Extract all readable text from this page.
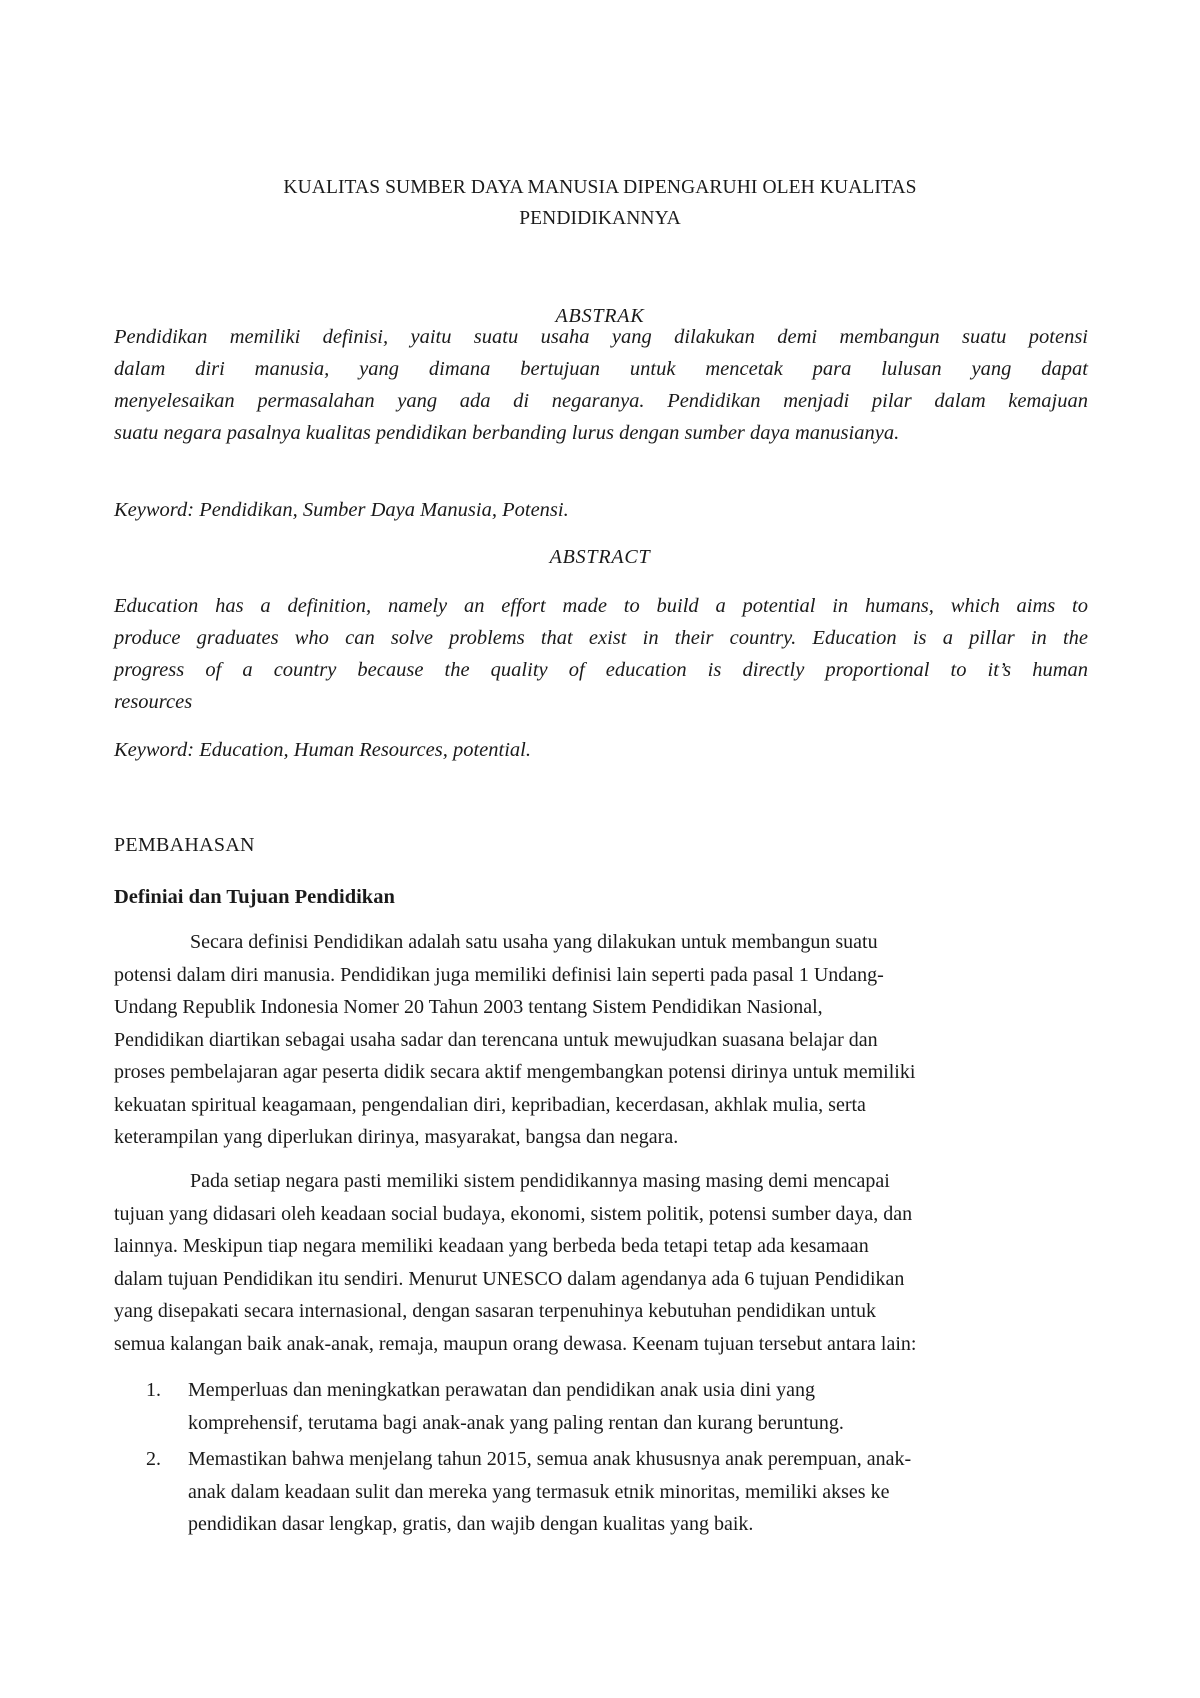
KUALITAS SUMBER DAYA MANUSIA DIPENGARUHI OLEH KUALITAS
PENDIDIKANNYA
ABSTRAK
Pendidikan memiliki definisi, yaitu suatu usaha yang dilakukan demi membangun suatu potensi
dalam diri manusia, yang dimana bertujuan untuk mencetak para lulusan yang dapat
menyelesaikan permasalahan yang ada di negaranya. Pendidikan menjadi pilar dalam kemajuan
suatu negara pasalnya kualitas pendidikan berbanding lurus dengan sumber daya manusianya.
Keyword: Pendidikan, Sumber Daya Manusia, Potensi.
ABSTRACT
Education has a definition, namely an effort made to build a potential in humans, which aims to
produce graduates who can solve problems that exist in their country. Education is a pillar in the
progress of a country because the quality of education is directly proportional to it’s human
resources
Keyword: Education, Human Resources, potential.
PEMBAHASAN
Definiai dan Tujuan Pendidikan
Secara definisi Pendidikan adalah satu usaha yang dilakukan untuk membangun suatu
potensi dalam diri manusia. Pendidikan juga memiliki definisi lain seperti pada pasal 1 Undang-
Undang Republik Indonesia Nomer 20 Tahun 2003 tentang Sistem Pendidikan Nasional,
Pendidikan diartikan sebagai usaha sadar dan terencana untuk mewujudkan suasana belajar dan
proses pembelajaran agar peserta didik secara aktif mengembangkan potensi dirinya untuk memiliki
kekuatan spiritual keagamaan, pengendalian diri, kepribadian, kecerdasan, akhlak mulia, serta
keterampilan yang diperlukan dirinya, masyarakat, bangsa dan negara.
Pada setiap negara pasti memiliki sistem pendidikannya masing masing demi mencapai
tujuan yang didasari oleh keadaan social budaya, ekonomi, sistem politik, potensi sumber daya, dan
lainnya. Meskipun tiap negara memiliki keadaan yang berbeda beda tetapi tetap ada kesamaan
dalam tujuan Pendidikan itu sendiri. Menurut UNESCO dalam agendanya ada 6 tujuan Pendidikan
yang disepakati secara internasional, dengan sasaran terpenuhinya kebutuhan pendidikan untuk
semua kalangan baik anak-anak, remaja, maupun orang dewasa. Keenam tujuan tersebut antara lain:
1. Memperluas dan meningkatkan perawatan dan pendidikan anak usia dini yang
komprehensif, terutama bagi anak-anak yang paling rentan dan kurang beruntung.
2. Memastikan bahwa menjelang tahun 2015, semua anak khususnya anak perempuan, anak-
anak dalam keadaan sulit dan mereka yang termasuk etnik minoritas, memiliki akses ke
pendidikan dasar lengkap, gratis, dan wajib dengan kualitas yang baik.
